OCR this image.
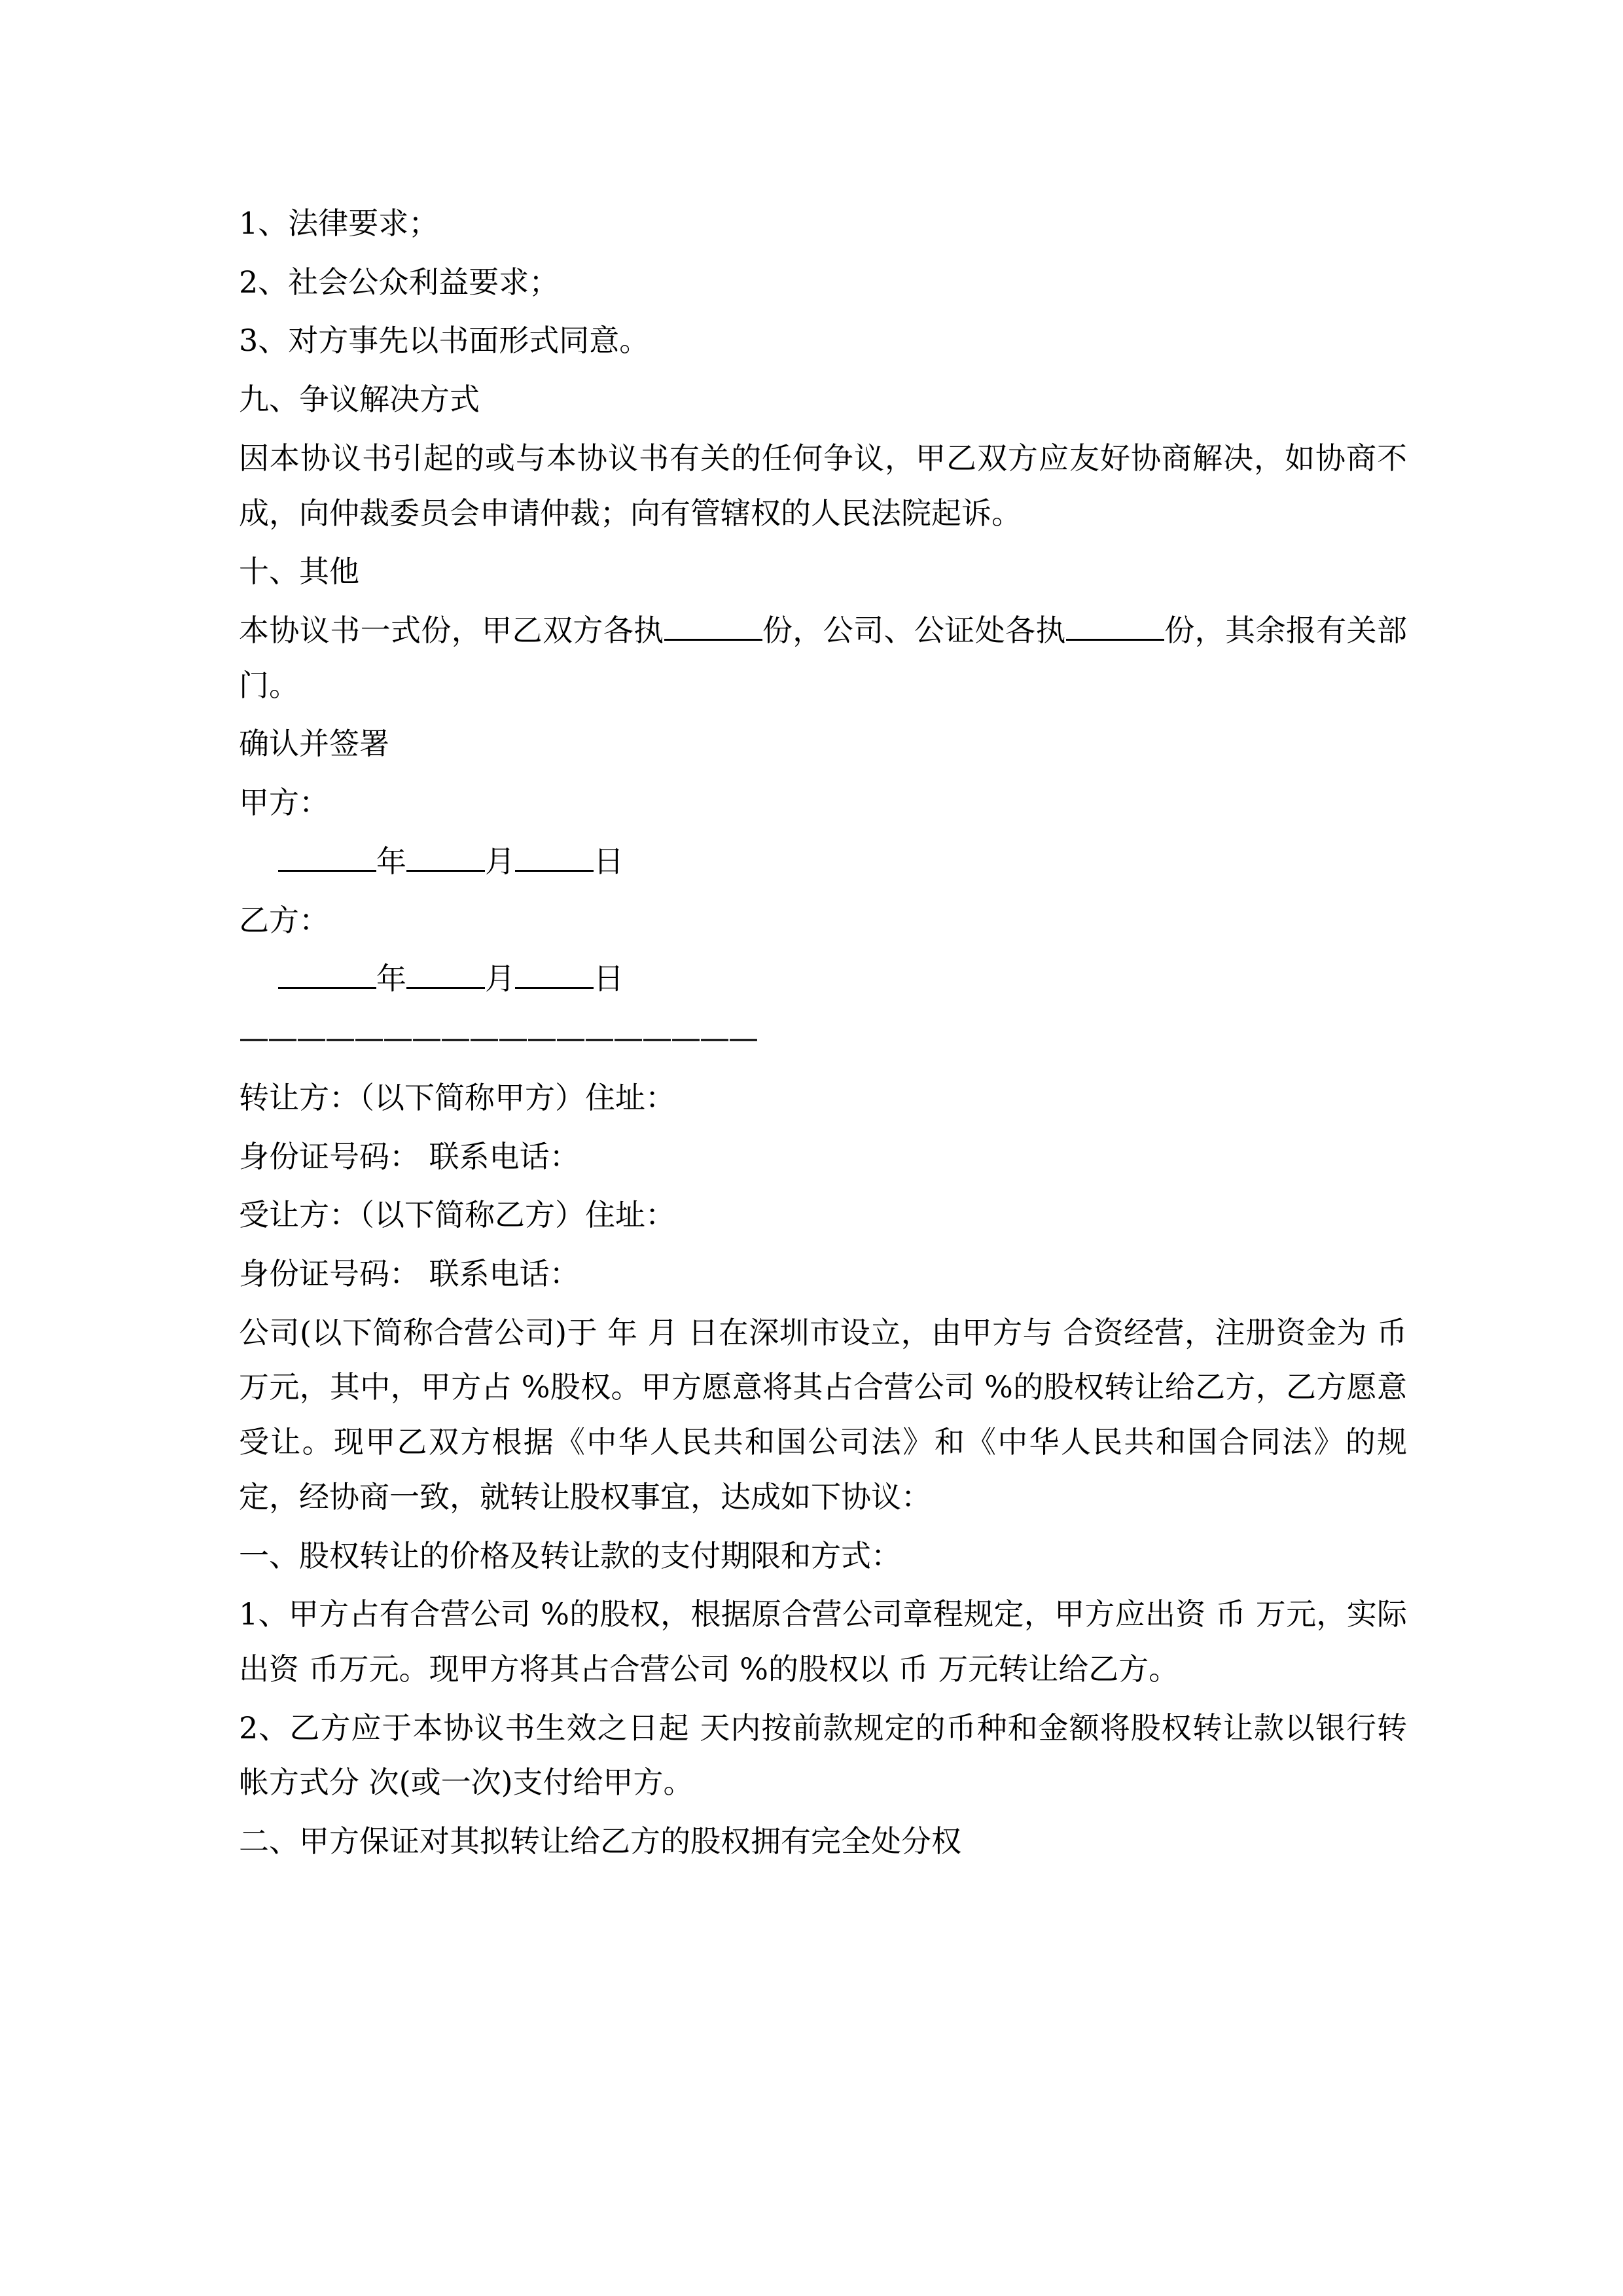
1、法律要求；

2、社会公众利益要求；

3、对方事先以书面形式同意。

九、争议解决方式

因本协议书引起的或与本协议书有关的任何争议，甲乙双方应友好协商解决，如协商不成，向仲裁委员会申请仲裁；向有管辖权的人民法院起诉。

十、其他

本协议书一式份，甲乙双方各执	份，公司、公证处各执	份，其余报有关部门。

确认并签署

甲方：

年	月	日

乙方：

年	月	日

——————————————————

转让方：（以下简称甲方）住址：

身份证号码： 联系电话：

受让方：（以下简称乙方）住址：

身份证号码： 联系电话：

公司(以下简称合营公司)于 年 月 日在深圳市设立，由甲方与 合资经营，注册资金为 币 万元，其中，甲方占 %股权。甲方愿意将其占合营公司 %的股权转让给乙方，乙方愿意受让。现甲乙双方根据《中华人民共和国公司法》和《中华人民共和国合同法》的规定，经协商一致，就转让股权事宜，达成如下协议：

一、股权转让的价格及转让款的支付期限和方式：

1、甲方占有合营公司 %的股权，根据原合营公司章程规定，甲方应出资 币 万元，实际出资 币万元。现甲方将其占合营公司 %的股权以 币 万元转让给乙方。

2、乙方应于本协议书生效之日起 天内按前款规定的币种和金额将股权转让款以银行转帐方式分 次(或一次)支付给甲方。

二、甲方保证对其拟转让给乙方的股权拥有完全处分权
